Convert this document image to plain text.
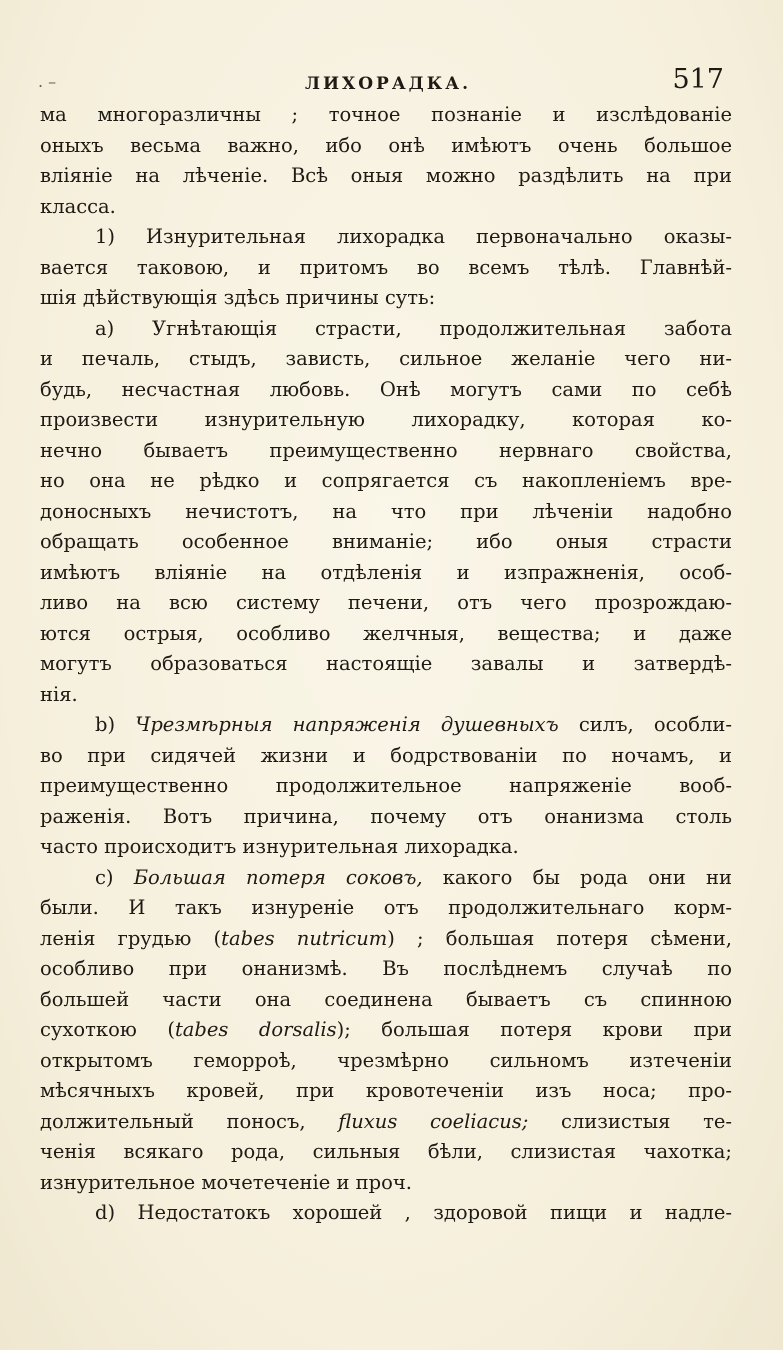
. –	ЛИХОРАДКА.	517
ма многоразличны ; точное познаніе и изслѣдованіе
оныхъ весьма важно, ибо онѣ имѣютъ очень большое
вліяніе на лѣченіе. Всѣ оныя можно раздѣлить на при
класса.
1) Изнурительная лихорадка первоначально оказы-
вается таковою, и притомъ во всемъ тѣлѣ. Главнѣй-
шія дѣйствующія здѣсь причины суть:
a) Угнѣтающія страсти, продолжительная забота
и печаль, стыдъ, зависть, сильное желаніе чего ни-
будь, несчастная любовь. Онѣ могутъ сами по себѣ
произвести изнурительную лихорадку, которая ко-
нечно бываетъ преимущественно нервнаго свойства,
но она не рѣдко и сопрягается съ накопленіемъ вре-
доносныхъ нечистотъ, на что при лѣченіи надобно
обращать особенное вниманіе; ибо оныя страсти
имѣютъ вліяніе на отдѣленія и изпражненія, особ-
ливо на всю систему печени, отъ чего прозрождаю-
ются острыя, особливо желчныя, вещества; и даже
могутъ образоваться настоящіе завалы и затвердѣ-
нія.
b) Чрезмѣрныя напряженія душевныхъ силъ, особли-
во при сидячей жизни и бодрствованіи по ночамъ, и
преимущественно продолжительное напряженіе вооб-
раженія. Вотъ причина, почему отъ онанизма столь
часто происходитъ изнурительная лихорадка.
c) Большая потеря соковъ, какого бы рода они ни
были. И такъ изнуреніе отъ продолжительнаго корм-
ленія грудью (tabes nutricum) ; большая потеря сѣмени,
особливо при онанизмѣ. Въ послѣднемъ случаѣ по
большей части она соединена бываетъ съ спинною
сухоткою (tabes dorsalis); большая потеря крови при
открытомъ геморроѣ, чрезмѣрно сильномъ изтеченіи
мѣсячныхъ кровей, при кровотеченіи изъ носа; про-
должительный поносъ, fluxus coeliacus; слизистыя те-
ченія всякаго рода, сильныя бѣли, слизистая чахотка;
изнурительное мочетеченіе и проч.
d) Недостатокъ хорошей , здоровой пищи и надле-
